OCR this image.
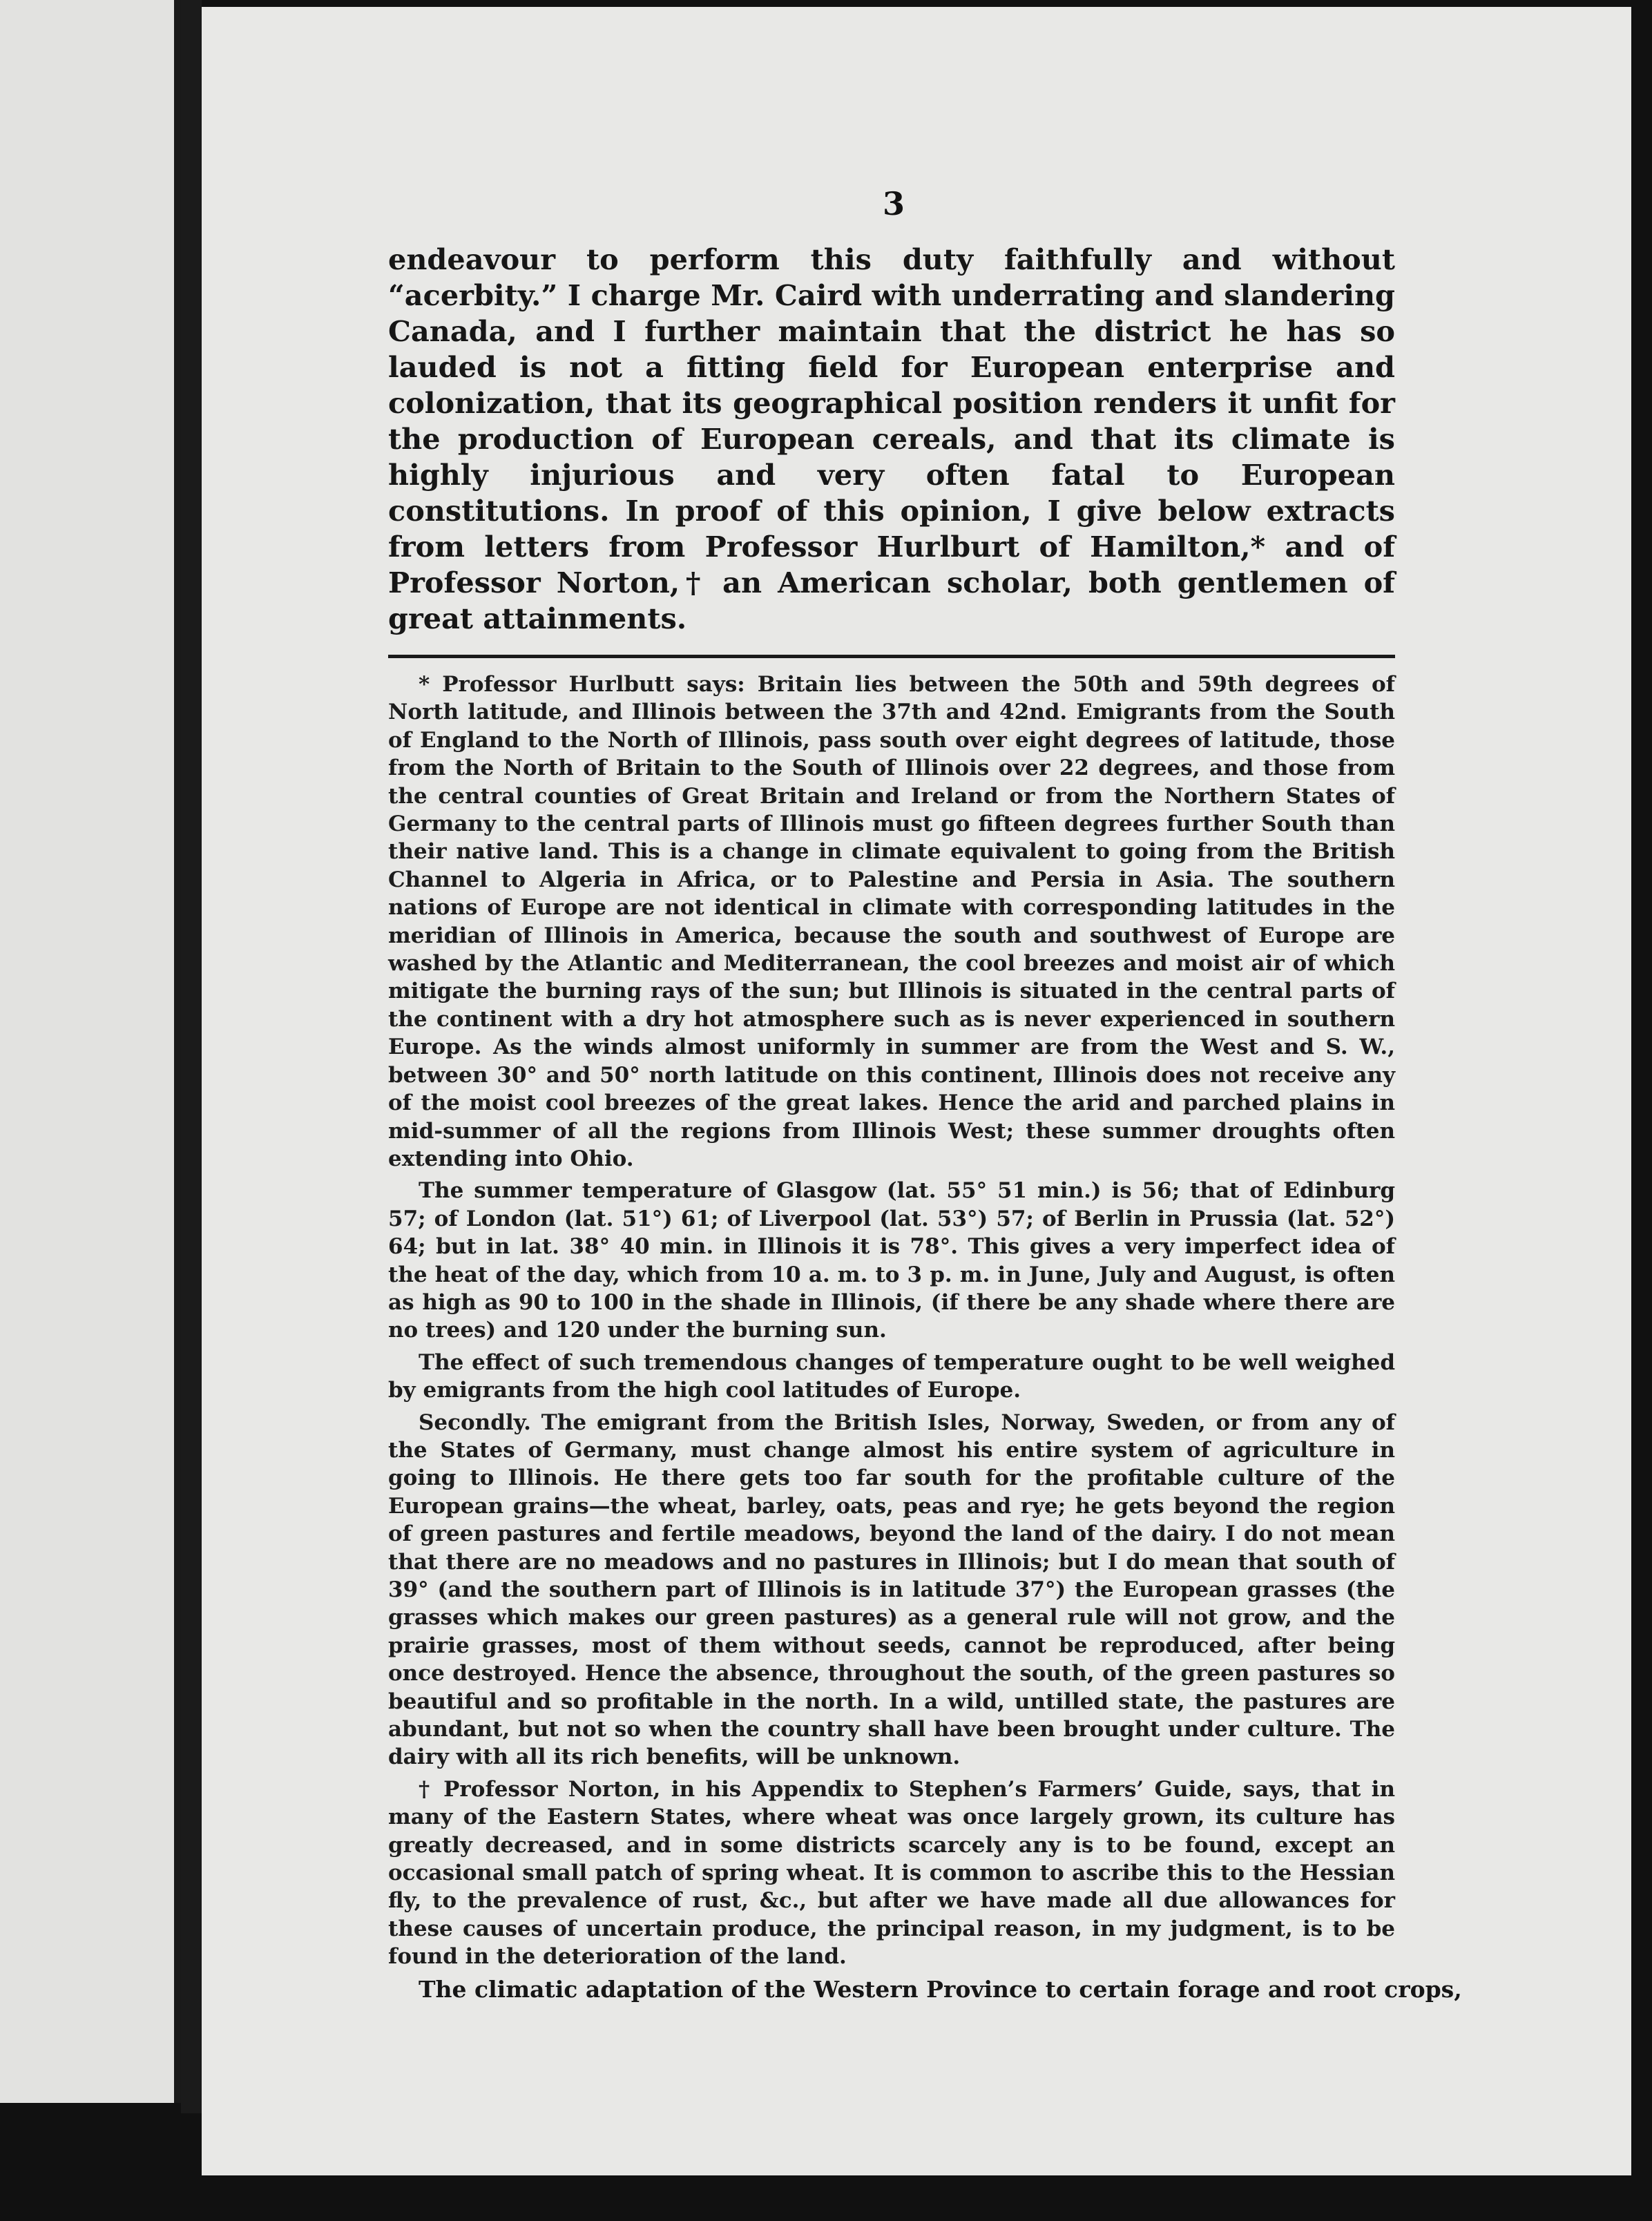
3

endeavour to perform this duty faithfully and without “acerbity.” I charge Mr. Caird with underrating and slandering Canada, and I further maintain that the district he has so lauded is not a fitting field for European enterprise and colonization, that its geographical position renders it unfit for the production of European cereals, and that its climate is highly injurious and very often fatal to European constitutions. In proof of this opinion, I give below extracts from letters from Professor Hurlburt of Hamilton,* and of Professor Norton,† an American scholar, both gentlemen of great attainments.

* Professor Hurlbutt says: Britain lies between the 50th and 59th degrees of North latitude, and Illinois between the 37th and 42nd. Emigrants from the South of England to the North of Illinois, pass south over eight degrees of latitude, those from the North of Britain to the South of Illinois over 22 degrees, and those from the central counties of Great Britain and Ireland or from the Northern States of Germany to the central parts of Illinois must go fifteen degrees further South than their native land. This is a change in climate equivalent to going from the British Channel to Algeria in Africa, or to Palestine and Persia in Asia. The southern nations of Europe are not identical in climate with corresponding latitudes in the meridian of Illinois in America, because the south and southwest of Europe are washed by the Atlantic and Mediterranean, the cool breezes and moist air of which mitigate the burning rays of the sun; but Illinois is situated in the central parts of the continent with a dry hot atmosphere such as is never experienced in southern Europe. As the winds almost uniformly in summer are from the West and S. W., between 30° and 50° north latitude on this continent, Illinois does not receive any of the moist cool breezes of the great lakes. Hence the arid and parched plains in mid-summer of all the regions from Illinois West; these summer droughts often extending into Ohio.

The summer temperature of Glasgow (lat. 55° 51 min.) is 56; that of Edinburg 57; of London (lat. 51°) 61; of Liverpool (lat. 53°) 57; of Berlin in Prussia (lat. 52°) 64; but in lat. 38° 40 min. in Illinois it is 78°. This gives a very imperfect idea of the heat of the day, which from 10 a. m. to 3 p. m. in June, July and August, is often as high as 90 to 100 in the shade in Illinois, (if there be any shade where there are no trees) and 120 under the burning sun.

The effect of such tremendous changes of temperature ought to be well weighed by emigrants from the high cool latitudes of Europe.

Secondly. The emigrant from the British Isles, Norway, Sweden, or from any of the States of Germany, must change almost his entire system of agriculture in going to Illinois. He there gets too far south for the profitable culture of the European grains—the wheat, barley, oats, peas and rye; he gets beyond the region of green pastures and fertile meadows, beyond the land of the dairy. I do not mean that there are no meadows and no pastures in Illinois; but I do mean that south of 39° (and the southern part of Illinois is in latitude 37°) the European grasses (the grasses which makes our green pastures) as a general rule will not grow, and the prairie grasses, most of them without seeds, cannot be reproduced, after being once destroyed. Hence the absence, throughout the south, of the green pastures so beautiful and so profitable in the north. In a wild, untilled state, the pastures are abundant, but not so when the country shall have been brought under culture. The dairy with all its rich benefits, will be unknown.

† Professor Norton, in his Appendix to Stephen’s Farmers’ Guide, says, that in many of the Eastern States, where wheat was once largely grown, its culture has greatly decreased, and in some districts scarcely any is to be found, except an occasional small patch of spring wheat. It is common to ascribe this to the Hessian fly, to the prevalence of rust, &c., but after we have made all due allowances for these causes of uncertain produce, the principal reason, in my judgment, is to be found in the deterioration of the land.

The climatic adaptation of the Western Province to certain forage and root crops,
